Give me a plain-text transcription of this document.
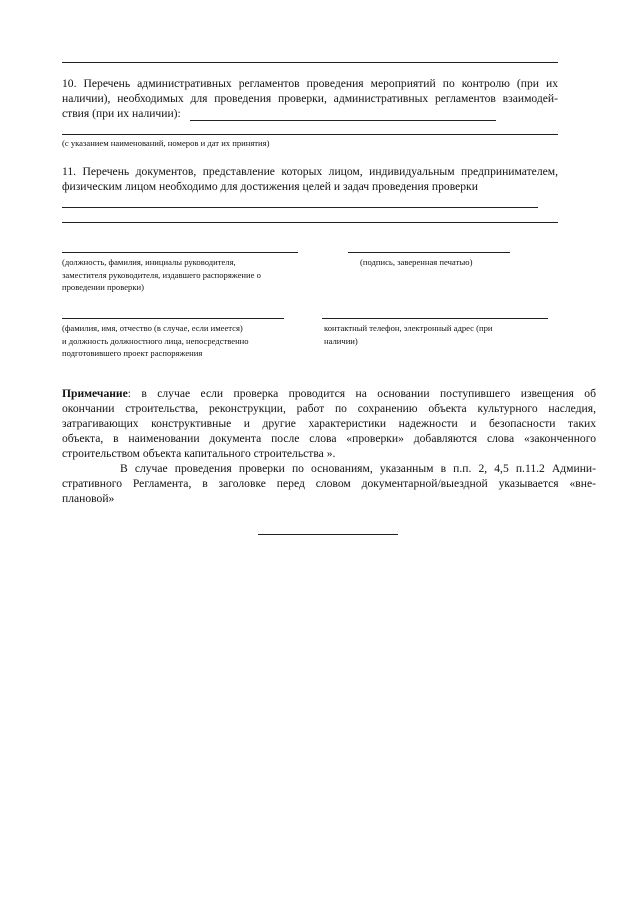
10. Перечень административных регламентов проведения мероприятий по контролю (при их
наличии), необходимых для проведения проверки, административных регламентов взаимодей-
ствия (при их наличии):
(с указанием наименований, номеров и дат их принятия)
11. Перечень документов, представление которых лицом, индивидуальным предпринимателем,
физическим лицом необходимо для достижения целей и задач проведения проверки
(должность, фамилия, инициалы руководителя,
заместителя руководителя, издавшего распоряжение о
проведении проверки)
(подпись, заверенная печатью)
(фамилия, имя, отчество (в случае, если имеется)
и должность должностного лица, непосредственно
подготовившего проект распоряжения
контактный телефон, электронный адрес (при
наличии)
Примечание: в случае если проверка проводится на основании поступившего извещения об
окончании строительства, реконструкции, работ по сохранению объекта культурного наследия,
затрагивающих конструктивные и другие характеристики надежности и безопасности таких
объекта, в наименовании документа после слова «проверки» добавляются слова «законченного
строительством объекта капитального строительства ».
В случае проведения проверки по основаниям, указанным в п.п. 2, 4,5 п.11.2 Админи-
стративного Регламента, в заголовке перед словом документарной/выездной указывается «вне-
плановой»
